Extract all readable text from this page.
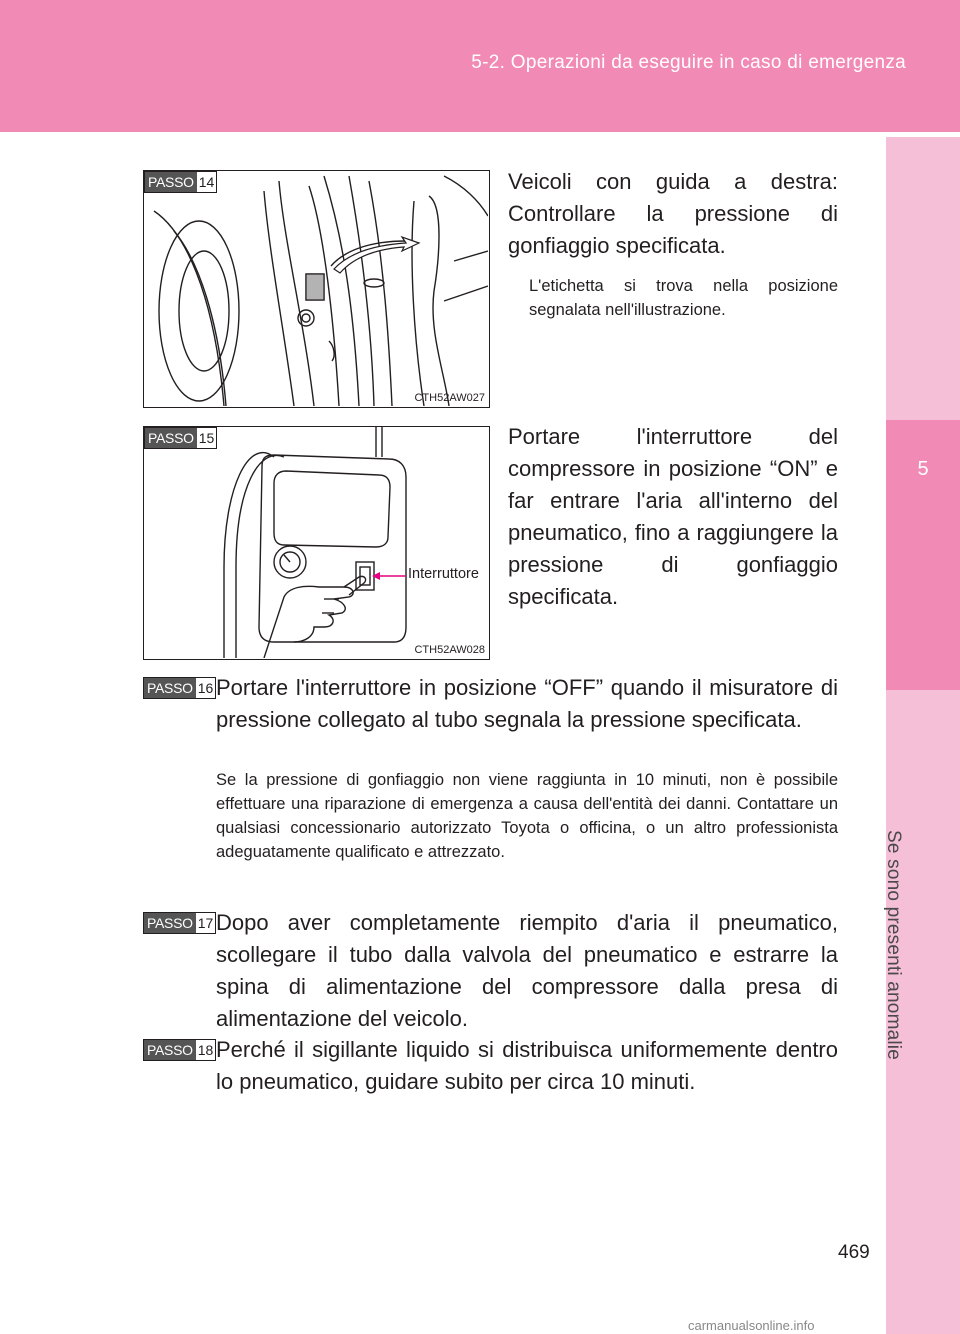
5-2. Operazioni da eseguire in caso di emergenza
5
Se sono presenti anomalie
PASSO 14
CTH52AW027
Veicoli con guida a destra: Controllare la pressione di gonfiaggio specificata.
L'etichetta si trova nella posizione segnalata nell'illustrazione.
PASSO 15
Interruttore
CTH52AW028
Portare l'interruttore del compressore in posizione “ON” e far entrare l'aria all'interno del pneumatico, fino a raggiungere la pressione di gonfiaggio specificata.
PASSO 16 Portare l'interruttore in posizione “OFF” quando il misuratore di pressione collegato al tubo segnala la pressione specificata.
Se la pressione di gonfiaggio non viene raggiunta in 10 minuti, non è possibile effettuare una riparazione di emergenza a causa dell'entità dei danni. Contattare un qualsiasi concessionario autorizzato Toyota o officina, o un altro professionista adeguatamente qualificato e attrezzato.
PASSO 17 Dopo aver completamente riempito d'aria il pneumatico, scollegare il tubo dalla valvola del pneumatico e estrarre la spina di alimentazione del compressore dalla presa di alimentazione del veicolo.
PASSO 18 Perché il sigillante liquido si distribuisca uniformemente dentro lo pneumatico, guidare subito per circa 10 minuti.
469
carmanualsonline.info
